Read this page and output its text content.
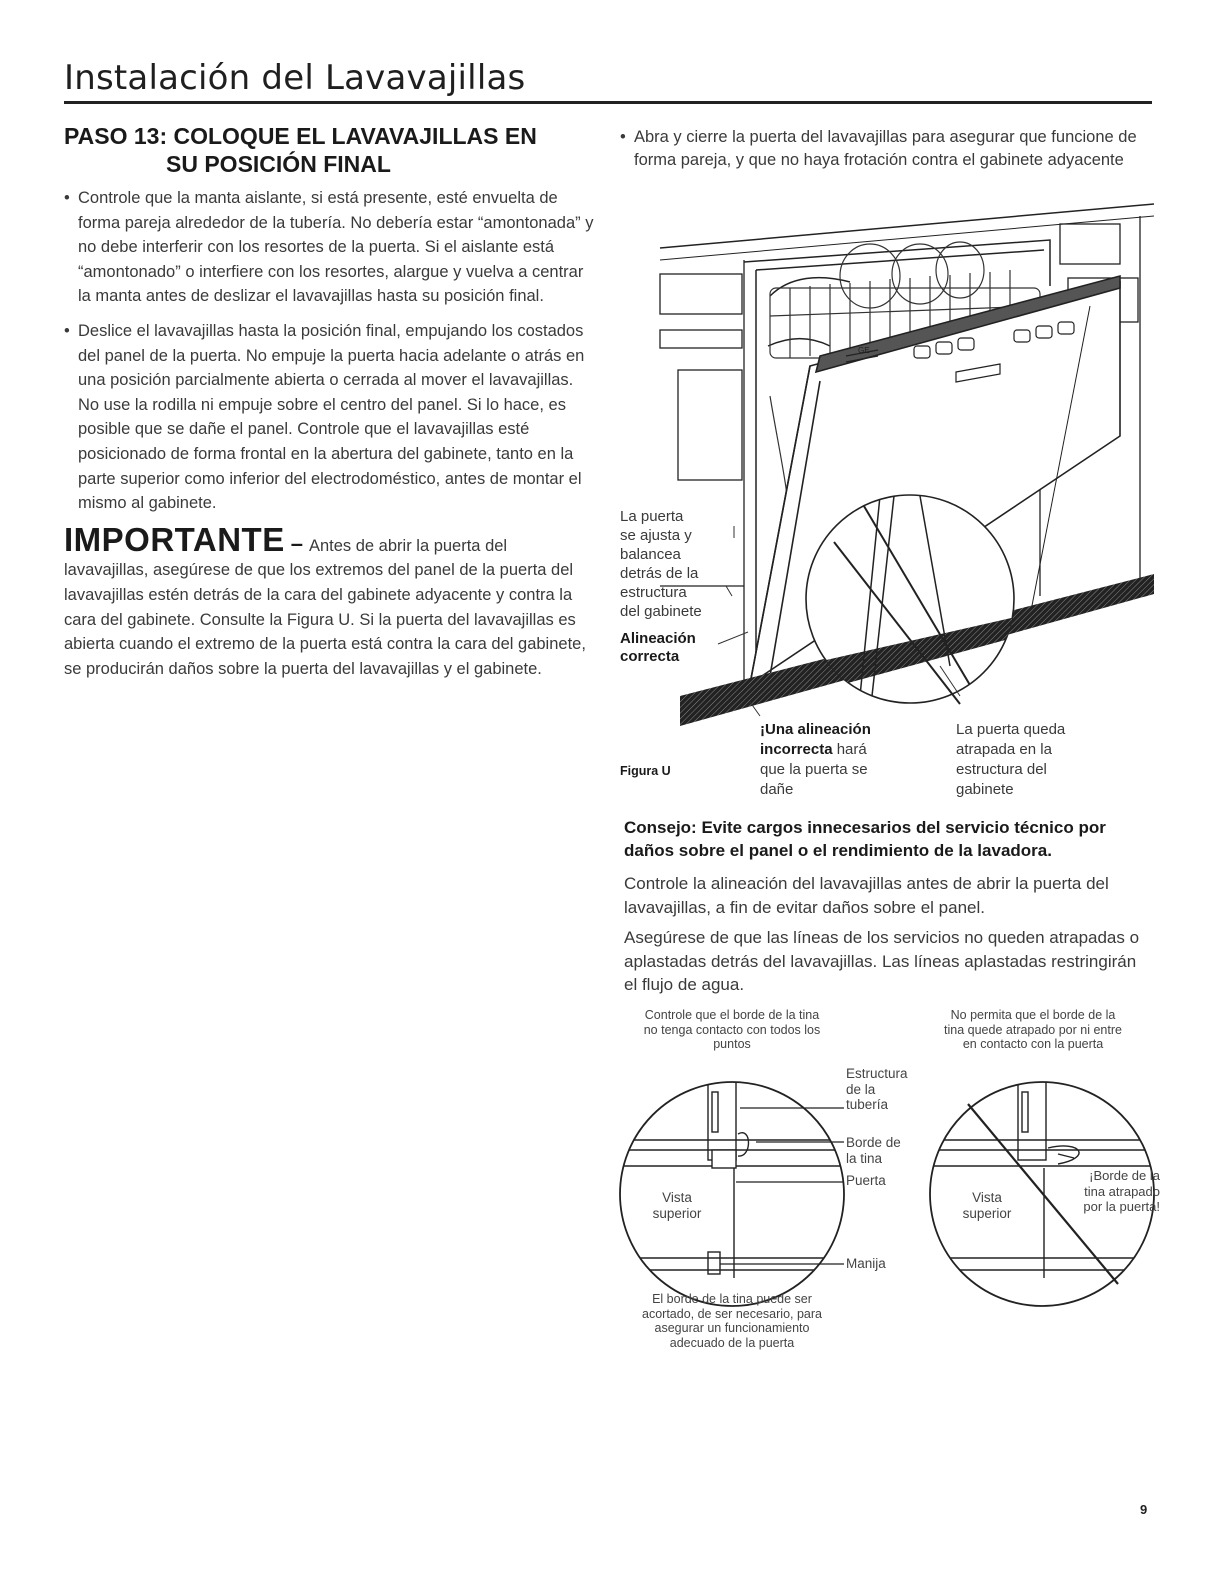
Instalación del Lavavajillas
PASO 13: COLOQUE EL LAVAVAJILLAS EN
SU POSICIÓN FINAL

• Controle que la manta aislante, si está presente, esté envuelta de forma pareja alrededor de la tubería. No debería estar “amontonada” y no debe interferir con los resortes de la puerta. Si el aislante está “amontonado” o interfiere con los resortes, alargue y vuelva a centrar la manta antes de deslizar el lavavajillas hasta su posición final.

• Deslice el lavavajillas hasta la posición final, empujando los costados del panel de la puerta. No empuje la puerta hacia adelante o atrás en una posición parcialmente abierta o cerrada al mover el lavavajillas. No use la rodilla ni empuje sobre el centro del panel. Si lo hace, es posible que se dañe el panel. Controle que el lavavajillas esté posicionado de forma frontal en la abertura del gabinete, tanto en la parte superior como inferior del electrodoméstico, antes de montar el mismo al gabinete.

IMPORTANTE – Antes de abrir la puerta del lavavajillas, asegúrese de que los extremos del panel de la puerta del lavavajillas estén detrás de la cara del gabinete adyacente y contra la cara del gabinete. Consulte la Figura U. Si la puerta del lavavajillas es abierta cuando el extremo de la puerta está contra la cara del gabinete, se producirán daños sobre la puerta del lavavajillas y el gabinete.

• Abra y cierre la puerta del lavavajillas para asegurar que funcione de forma pareja, y que no haya frotación contra el gabinete adyacente

GE
La puerta
se ajusta y
balancea
detrás de la
estructura
del gabinete
Alineación
correcta
¡Una alineación
incorrecta hará
que la puerta se
dañe
La puerta queda
atrapada en la
estructura del
gabinete
Figura U
Consejo: Evite cargos innecesarios del servicio técnico por daños sobre el panel o el rendimiento de la lavadora.
Controle la alineación del lavavajillas antes de abrir la puerta del lavavajillas, a fin de evitar daños sobre el panel.
Asegúrese de que las líneas de los servicios no queden atrapadas o aplastadas detrás del lavavajillas. Las líneas aplastadas restringirán el flujo de agua.
Controle que el borde de la tina
no tenga contacto con todos los
puntos
No permita que el borde de la
tina quede atrapado por ni entre
en contacto con la puerta
Estructura
de la
tubería
Borde de
la tina
Puerta
Manija
Vista
superior
Vista
superior
¡Borde de la
tina atrapado
por la puerta!
El borde de la tina puede ser
acortado, de ser necesario, para
asegurar un funcionamiento
adecuado de la puerta
9
